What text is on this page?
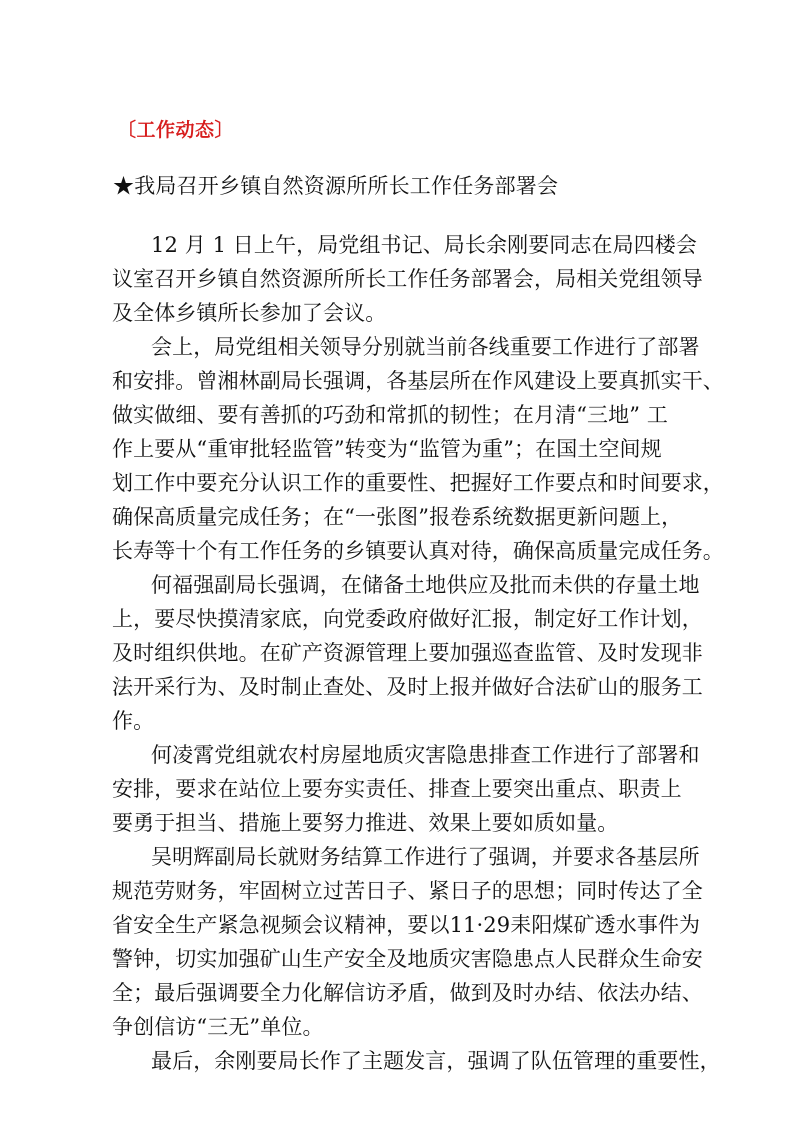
〔工作动态〕
★我局召开乡镇自然资源所所长工作任务部署会
12 月 1 日上午，局党组书记、局长余刚要同志在局四楼会
议室召开乡镇自然资源所所长工作任务部署会，局相关党组领导
及全体乡镇所长参加了会议。
会上，局党组相关领导分别就当前各线重要工作进行了部署
和安排。曾湘林副局长强调，各基层所在作风建设上要真抓实干、
做实做细、要有善抓的巧劲和常抓的韧性；在月清“三地” 工
作上要从“重审批轻监管”转变为“监管为重”；在国土空间规
划工作中要充分认识工作的重要性、把握好工作要点和时间要求，
确保高质量完成任务；在“一张图”报卷系统数据更新问题上，
长寿等十个有工作任务的乡镇要认真对待，确保高质量完成任务。
何福强副局长强调，在储备土地供应及批而未供的存量土地
上，要尽快摸清家底，向党委政府做好汇报，制定好工作计划，
及时组织供地。在矿产资源管理上要加强巡查监管、及时发现非
法开采行为、及时制止查处、及时上报并做好合法矿山的服务工
作。
何凌霄党组就农村房屋地质灾害隐患排查工作进行了部署和
安排，要求在站位上要夯实责任、排查上要突出重点、职责上
要勇于担当、措施上要努力推进、效果上要如质如量。
吴明辉副局长就财务结算工作进行了强调，并要求各基层所
规范劳财务，牢固树立过苦日子、紧日子的思想；同时传达了全
省安全生产紧急视频会议精神，要以11·29耒阳煤矿透水事件为
警钟，切实加强矿山生产安全及地质灾害隐患点人民群众生命安
全；最后强调要全力化解信访矛盾，做到及时办结、依法办结、
争创信访“三无”单位。
最后，余刚要局长作了主题发言，强调了队伍管理的重要性，
